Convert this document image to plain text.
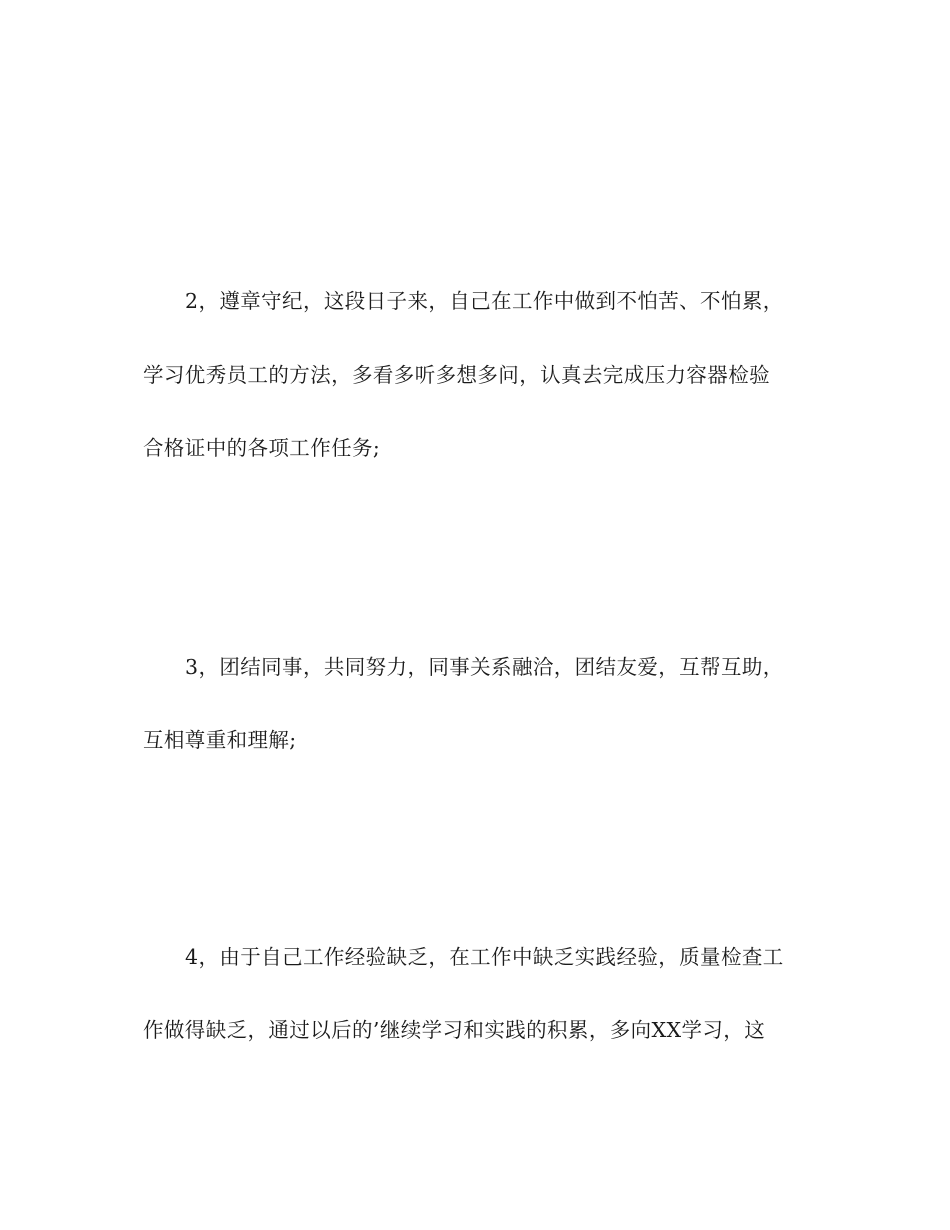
2，遵章守纪，这段日子来，自己在工作中做到不怕苦、不怕累，
学习优秀员工的方法，多看多听多想多问，认真去完成压力容器检验
合格证中的各项工作任务;
3，团结同事，共同努力，同事关系融洽，团结友爱，互帮互助，
互相尊重和理解;
4，由于自己工作经验缺乏，在工作中缺乏实践经验，质量检查工
作做得缺乏，通过以后的’继续学习和实践的积累，多向XX学习，这
